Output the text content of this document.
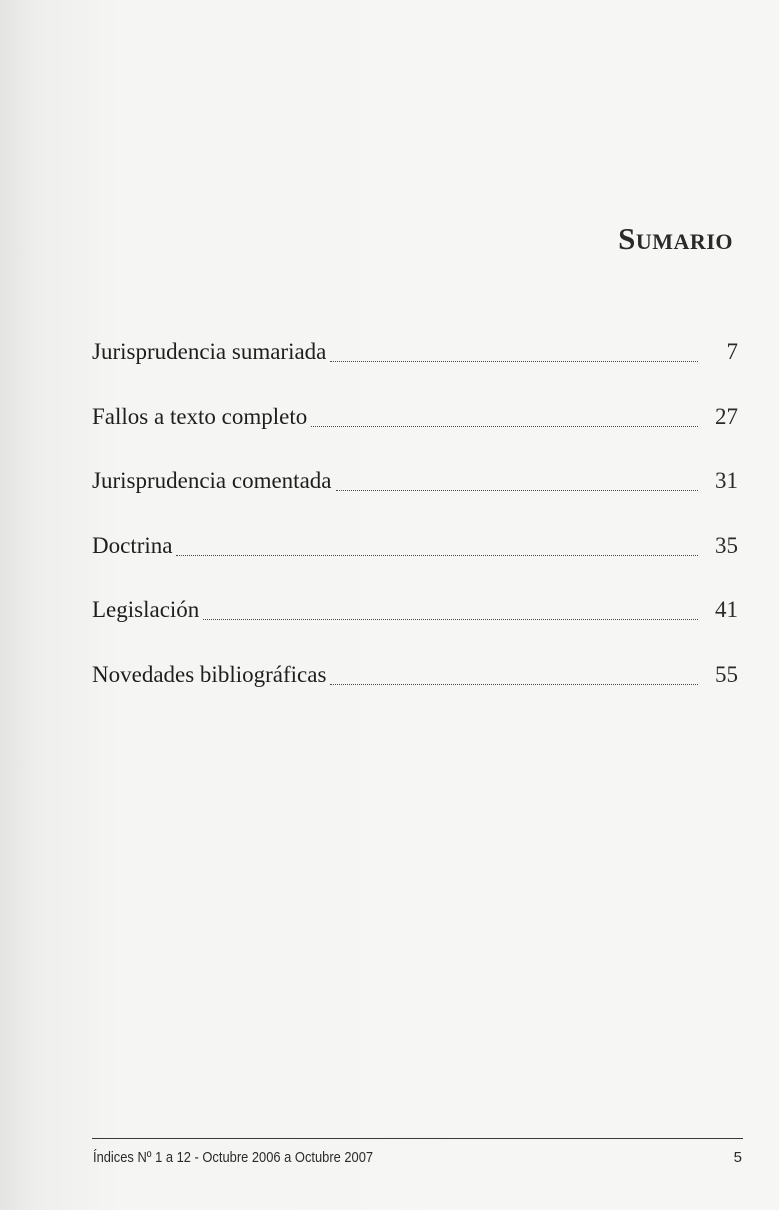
Sumario
Jurisprudencia sumariada	7
Fallos a texto completo	27
Jurisprudencia comentada	31
Doctrina	35
Legislación	41
Novedades bibliográficas	55
Índices Nº 1 a 12 - Octubre 2006 a Octubre 2007	5
